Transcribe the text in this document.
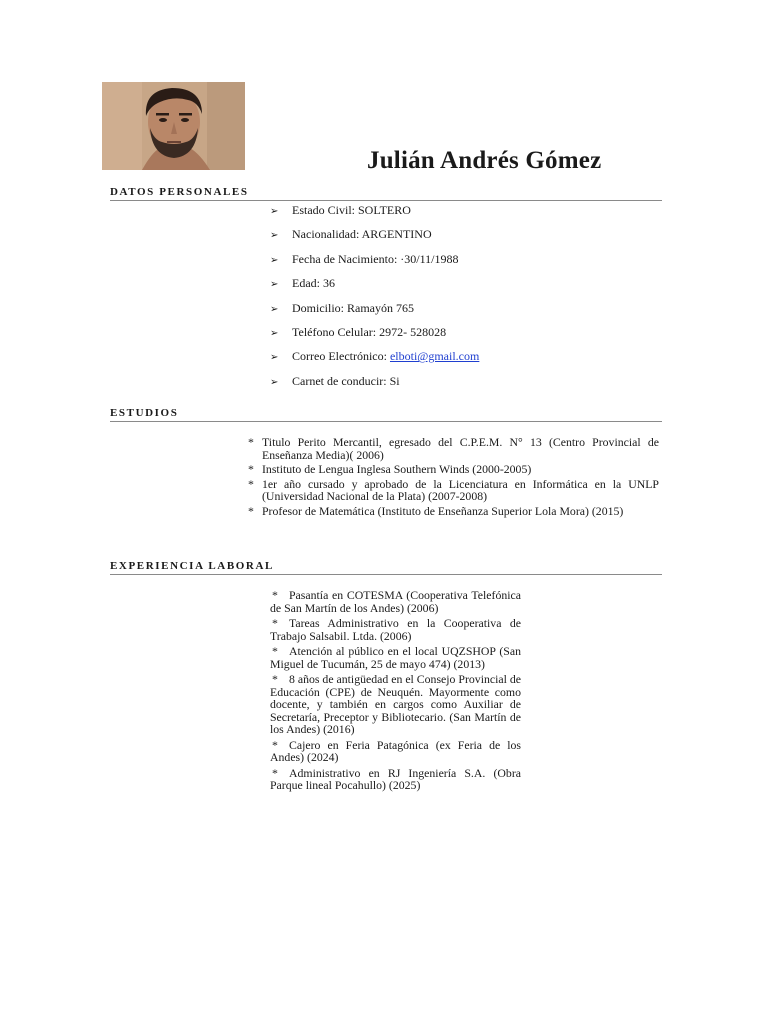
Julián Andrés Gómez
DATOS PERSONALES
➢ Estado Civil: SOLTERO
➢ Nacionalidad: ARGENTINO
➢ Fecha de Nacimiento: ·30/11/1988
➢ Edad: 36
➢ Domicilio: Ramayón 765
➢ Teléfono Celular: 2972- 528028
➢ Correo Electrónico: elboti@gmail.com
➢ Carnet de conducir: Si
ESTUDIOS
* Titulo Perito Mercantil, egresado del C.P.E.M. N° 13 (Centro Provincial de Enseñanza Media)( 2006)
* Instituto de Lengua Inglesa Southern Winds (2000-2005)
* 1er año cursado y aprobado de la Licenciatura en Informática en la UNLP (Universidad Nacional de la Plata) (2007-2008)
* Profesor de Matemática (Instituto de Enseñanza Superior Lola Mora) (2015)
EXPERIENCIA LABORAL
* Pasantía en COTESMA (Cooperativa Telefónica de San Martín de los Andes) (2006)
* Tareas Administrativo en la Cooperativa de Trabajo Salsabil. Ltda. (2006)
* Atención al público en el local UQZSHOP (San Miguel de Tucumán, 25 de mayo 474) (2013)
* 8 años de antigüedad en el Consejo Provincial de Educación (CPE) de Neuquén. Mayormente como docente, y también en cargos como Auxiliar de Secretaría, Preceptor y Bibliotecario. (San Martín de los Andes) (2016)
* Cajero en Feria Patagónica (ex Feria de los Andes) (2024)
* Administrativo en RJ Ingeniería S.A. (Obra Parque lineal Pocahullo) (2025)
